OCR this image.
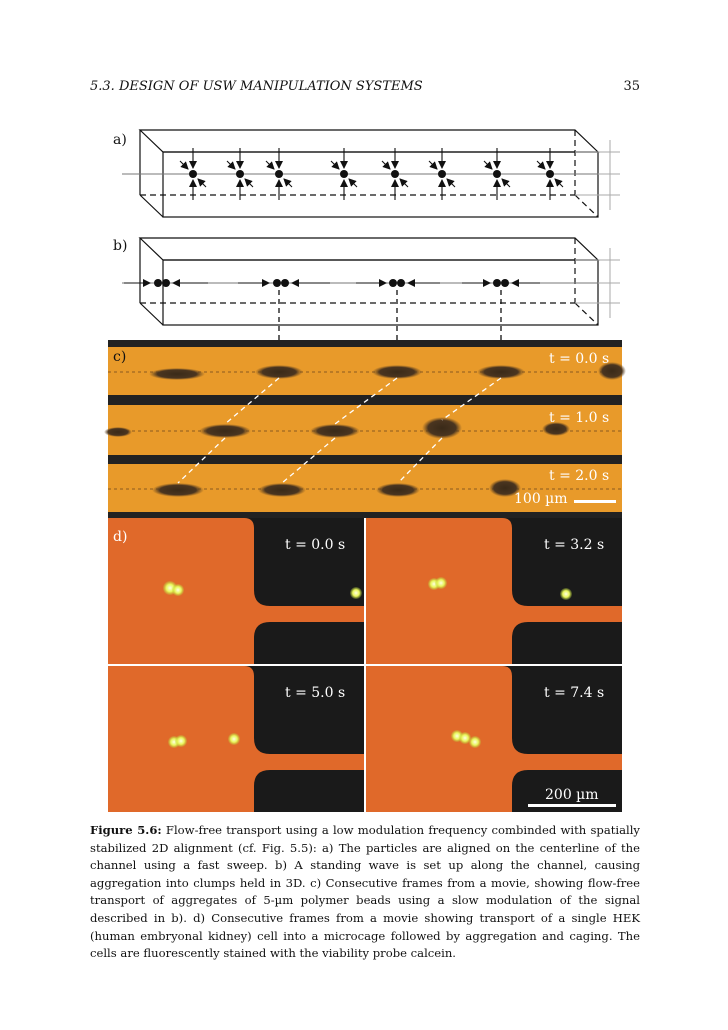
5.3. DESIGN OF USW MANIPULATION SYSTEMS	35
a)
b)
c)	t = 0.0 s
t = 1.0 s
t = 2.0 s
100 µm
d)	t = 0.0 s	t = 3.2 s
t = 5.0 s	t = 7.4 s
200 µm
Figure 5.6: Flow-free transport using a low modulation frequency combinded with spatially stabilized 2D alignment (cf. Fig. 5.5): a) The particles are aligned on the centerline of the channel using a fast sweep. b) A standing wave is set up along the channel, causing aggregation into clumps held in 3D. c) Consecutive frames from a movie, showing flow-free transport of aggregates of 5-µm polymer beads using a slow modulation of the signal described in b). d) Consecutive frames from a movie showing transport of a single HEK (human embryonal kidney) cell into a microcage followed by aggregation and caging. The cells are fluorescently stained with the viability probe calcein.
